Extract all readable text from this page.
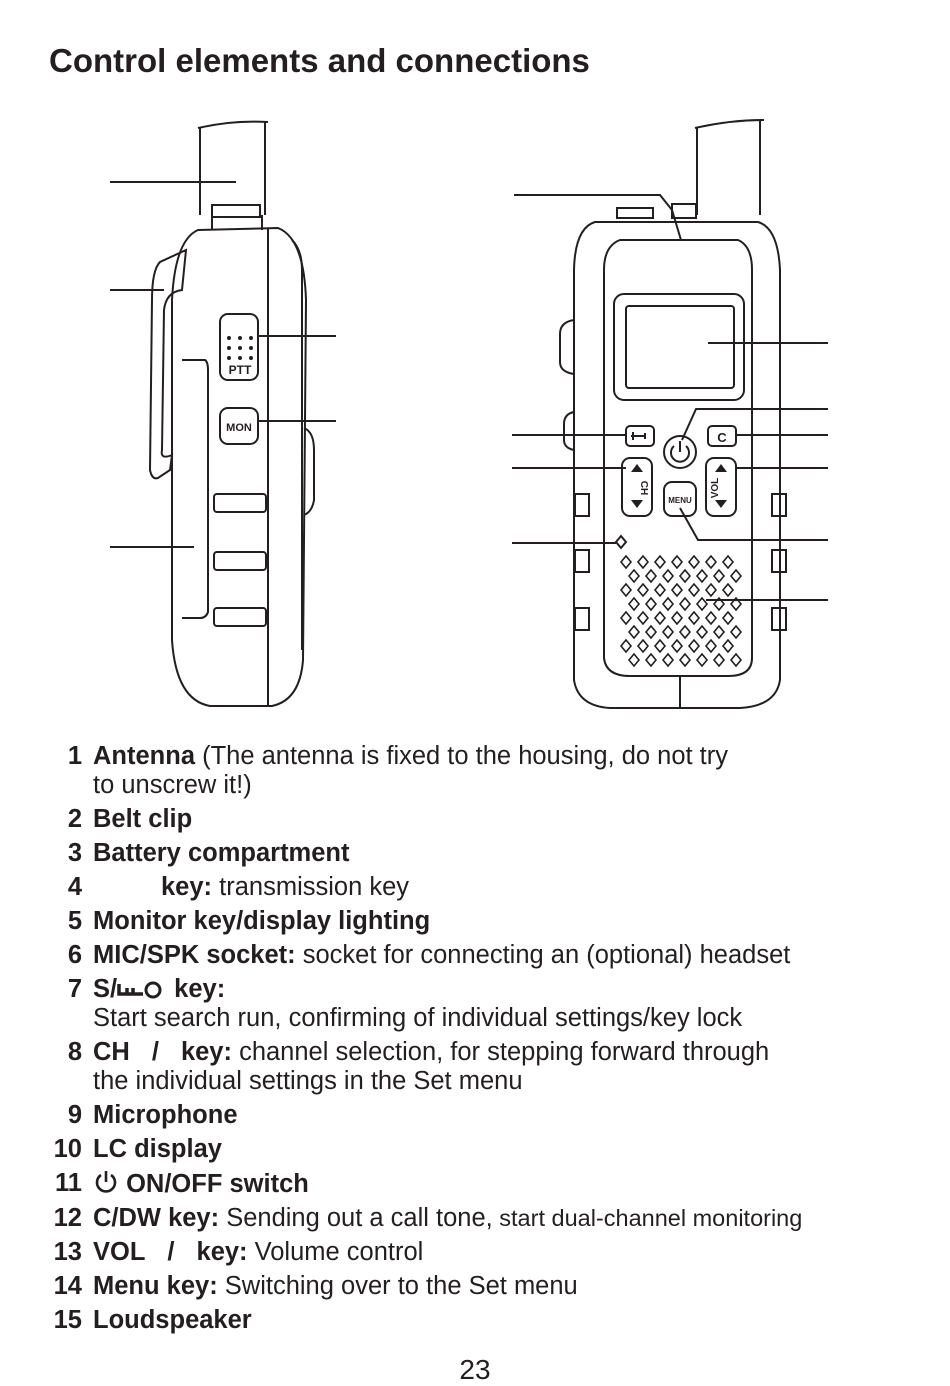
Control elements and connections
PTT
MON
C
CH	VOL
MENU
1 Antenna (The antenna is fixed to the housing, do not try
to unscrew it!)
2 Belt clip
3 Battery compartment
4	key: transmission key
5 Monitor key/display lighting
6 MIC/SPK socket: socket for connecting an (optional) headset
7 S/ key:
Start search run, confirming of individual settings/key lock
8 CH / key: channel selection, for stepping forward through
the individual settings in the Set menu
9 Microphone
10 LC display
11	ON/OFF switch
12 C/DW key: Sending out a call tone, start dual-channel monitoring
13 VOL / key: Volume control
14 Menu key: Switching over to the Set menu
15 Loudspeaker
23
